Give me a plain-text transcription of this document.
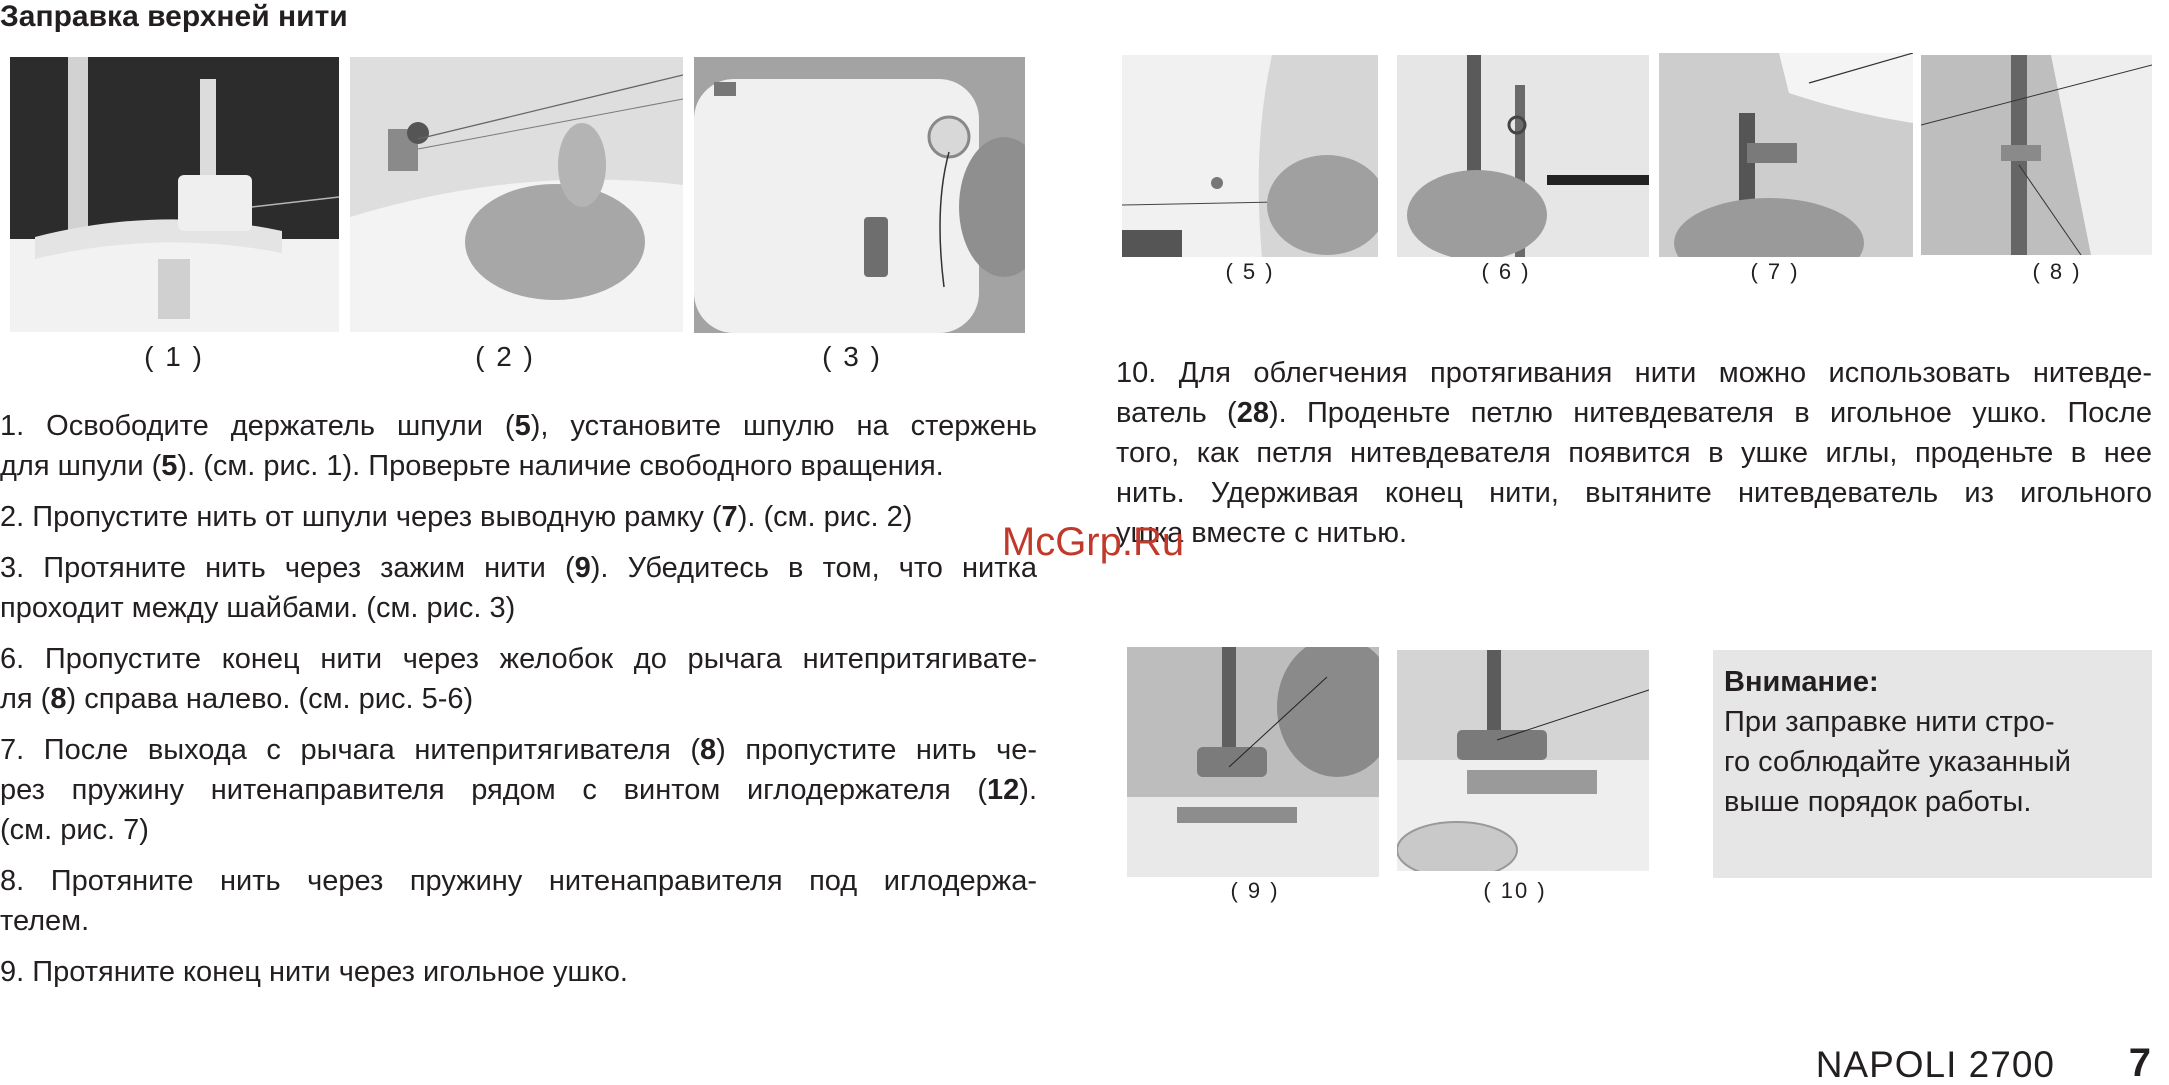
Заправка верхней нити
( 1 )	( 2 )	( 3 )
( 5 )	( 6 )	( 7 )	( 8 )
1. Освободите держатель шпули (5), установите шпулю на стержень
для шпули (5). (см. рис. 1). Проверьте наличие свободного вращения.
2. Пропустите нить от шпули через выводную рамку (7). (см. рис. 2)
3. Протяните нить через зажим нити (9). Убедитесь в том, что нитка
проходит между шайбами. (см. рис. 3)
6. Пропустите конец нити через желобок до рычага нитепритягивате-
ля (8) справа налево. (см. рис. 5-6)
7. После выхода с рычага нитепритягивателя (8) пропустите нить че-
рез пружину нитенаправителя рядом с винтом иглодержателя (12).
(см. рис. 7)
8. Протяните нить через пружину нитенаправителя под иглодержа-
телем.
9. Протяните конец нити через игольное ушко.
10. Для облегчения протягивания нити можно использовать нитевде-
ватель (28). Проденьте петлю нитевдевателя в игольное ушко. После
того, как петля нитевдевателя появится в ушке иглы, проденьте в нее
нить. Удерживая конец нити, вытяните нитевдеватель из игольного
ушка вместе с нитью.
McGrp.Ru
( 9 )	( 10 )
Внимание:
При заправке нити стро-
го соблюдайте указанный
выше порядок работы.
NAPOLI 2700 7
